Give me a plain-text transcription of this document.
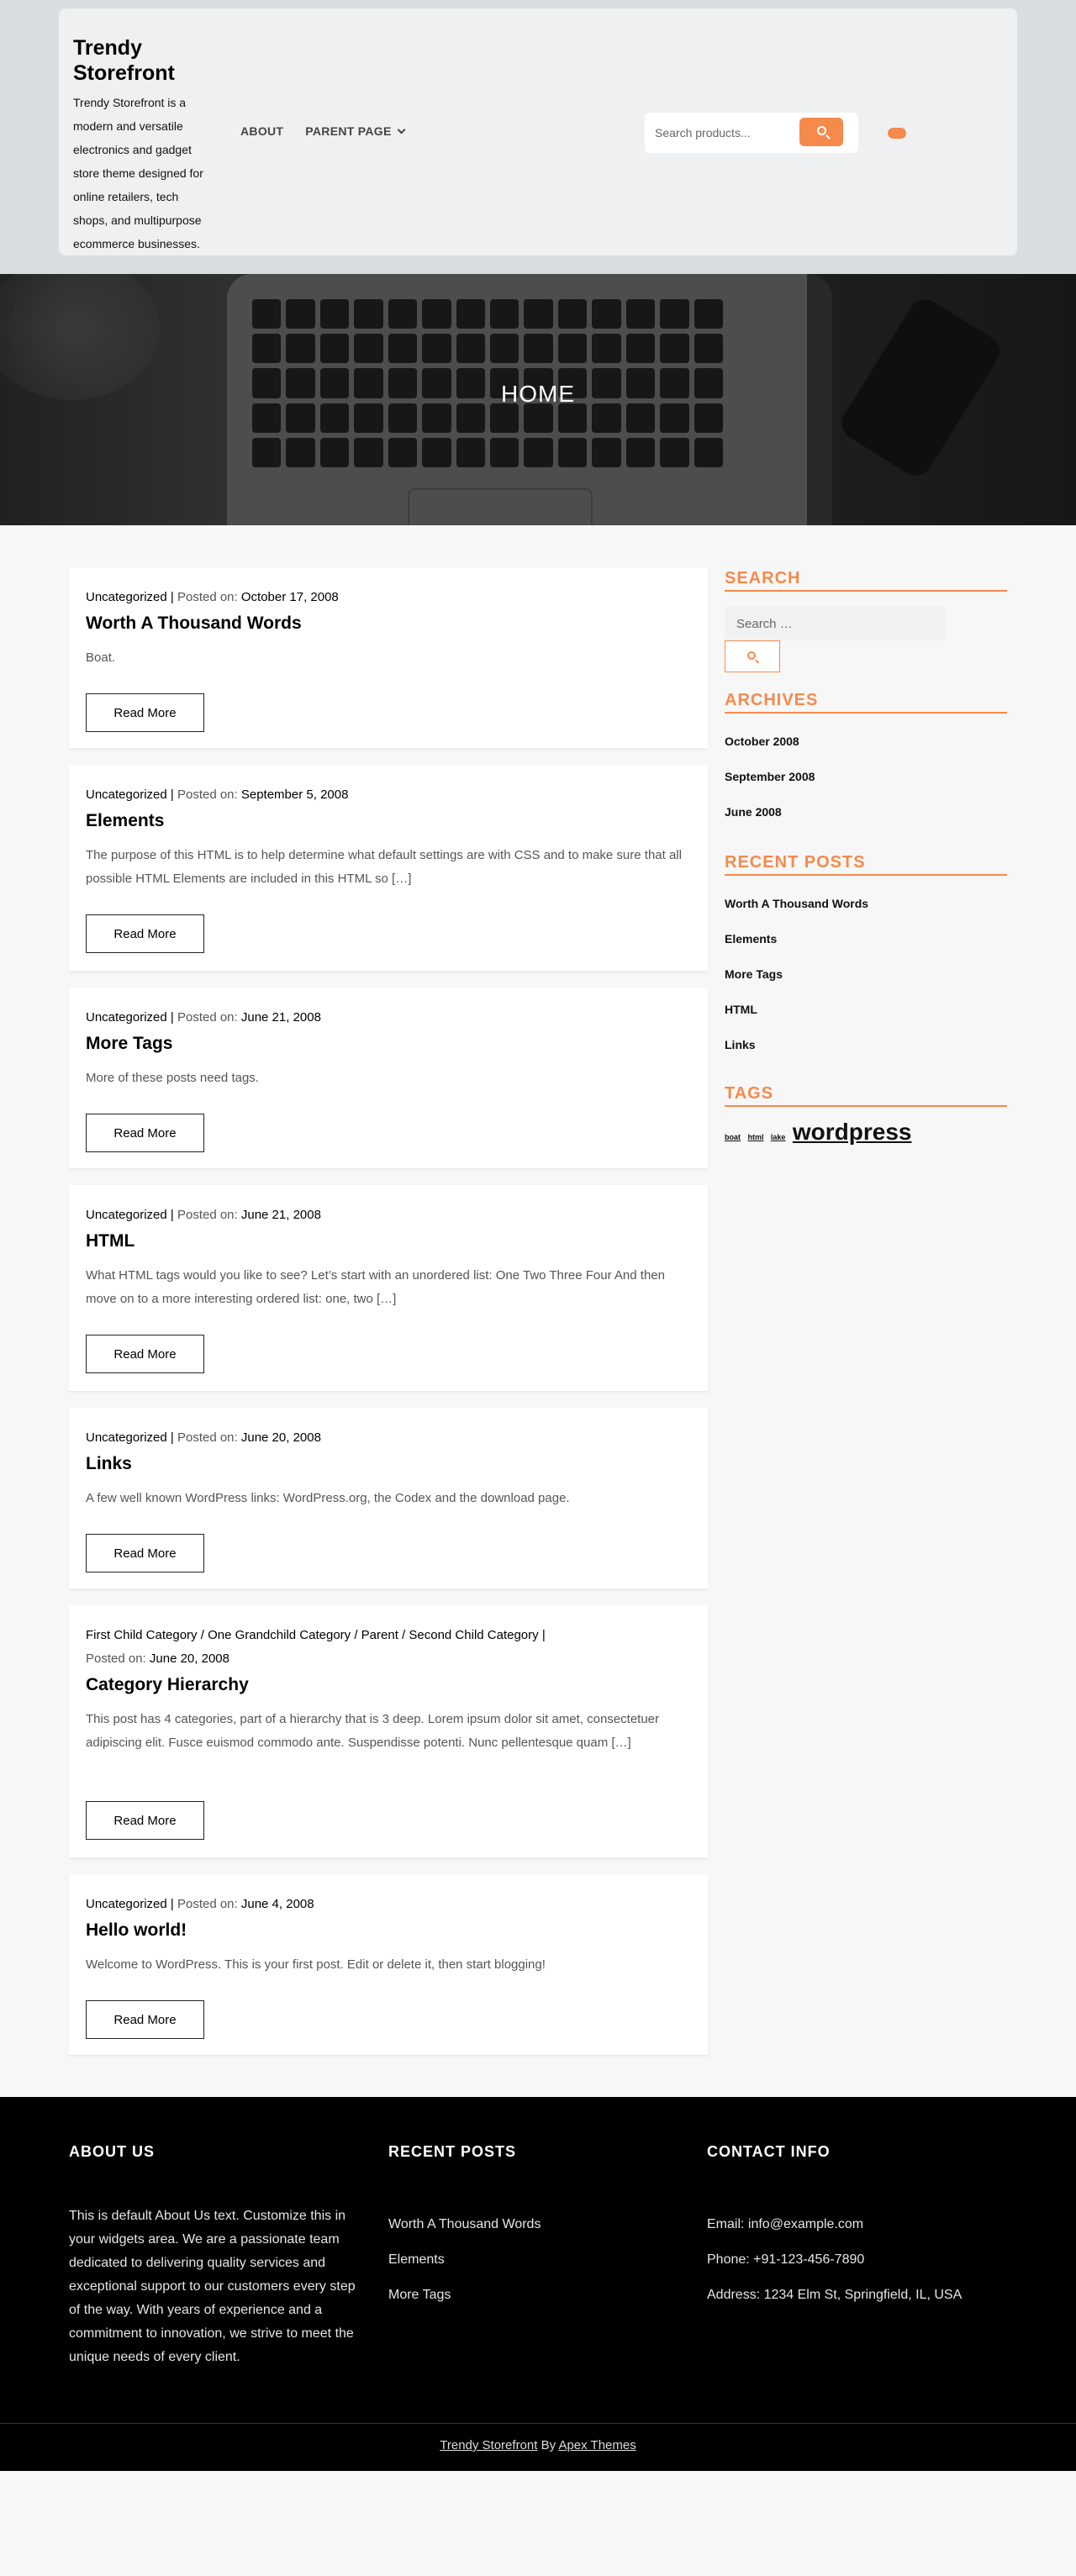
Trendy Storefront
Trendy Storefront is a modern and versatile electronics and gadget store theme designed for online retailers, tech shops, and multipurpose ecommerce businesses.
ABOUT PARENT PAGE
Search products...
HOME
Uncategorized | Posted on: October 17, 2008
Worth A Thousand Words
Boat.
Read More
Uncategorized | Posted on: September 5, 2008
Elements
The purpose of this HTML is to help determine what default settings are with CSS and to make sure that all possible HTML Elements are included in this HTML so […]
Read More
Uncategorized | Posted on: June 21, 2008
More Tags
More of these posts need tags.
Read More
Uncategorized | Posted on: June 21, 2008
HTML
What HTML tags would you like to see? Let’s start with an unordered list: One Two Three Four And then move on to a more interesting ordered list: one, two […]
Read More
Uncategorized | Posted on: June 20, 2008
Links
A few well known WordPress links: WordPress.org, the Codex and the download page.
Read More
First Child Category / One Grandchild Category / Parent / Second Child Category |
Posted on: June 20, 2008
Category Hierarchy
This post has 4 categories, part of a hierarchy that is 3 deep. Lorem ipsum dolor sit amet, consectetuer adipiscing elit. Fusce euismod commodo ante. Suspendisse potenti. Nunc pellentesque quam […]
Read More
Uncategorized | Posted on: June 4, 2008
Hello world!
Welcome to WordPress. This is your first post. Edit or delete it, then start blogging!
Read More
SEARCH
Search …
ARCHIVES
October 2008
September 2008
June 2008
RECENT POSTS
Worth A Thousand Words
Elements
More Tags
HTML
Links
TAGS
boat html lake wordpress
ABOUT US
This is default About Us text. Customize this in your widgets area. We are a passionate team dedicated to delivering quality services and exceptional support to our customers every step of the way. With years of experience and a commitment to innovation, we strive to meet the unique needs of every client.
RECENT POSTS
Worth A Thousand Words
Elements
More Tags
CONTACT INFO
Email: info@example.com
Phone: +91-123-456-7890
Address: 1234 Elm St, Springfield, IL, USA
Trendy Storefront By Apex Themes
